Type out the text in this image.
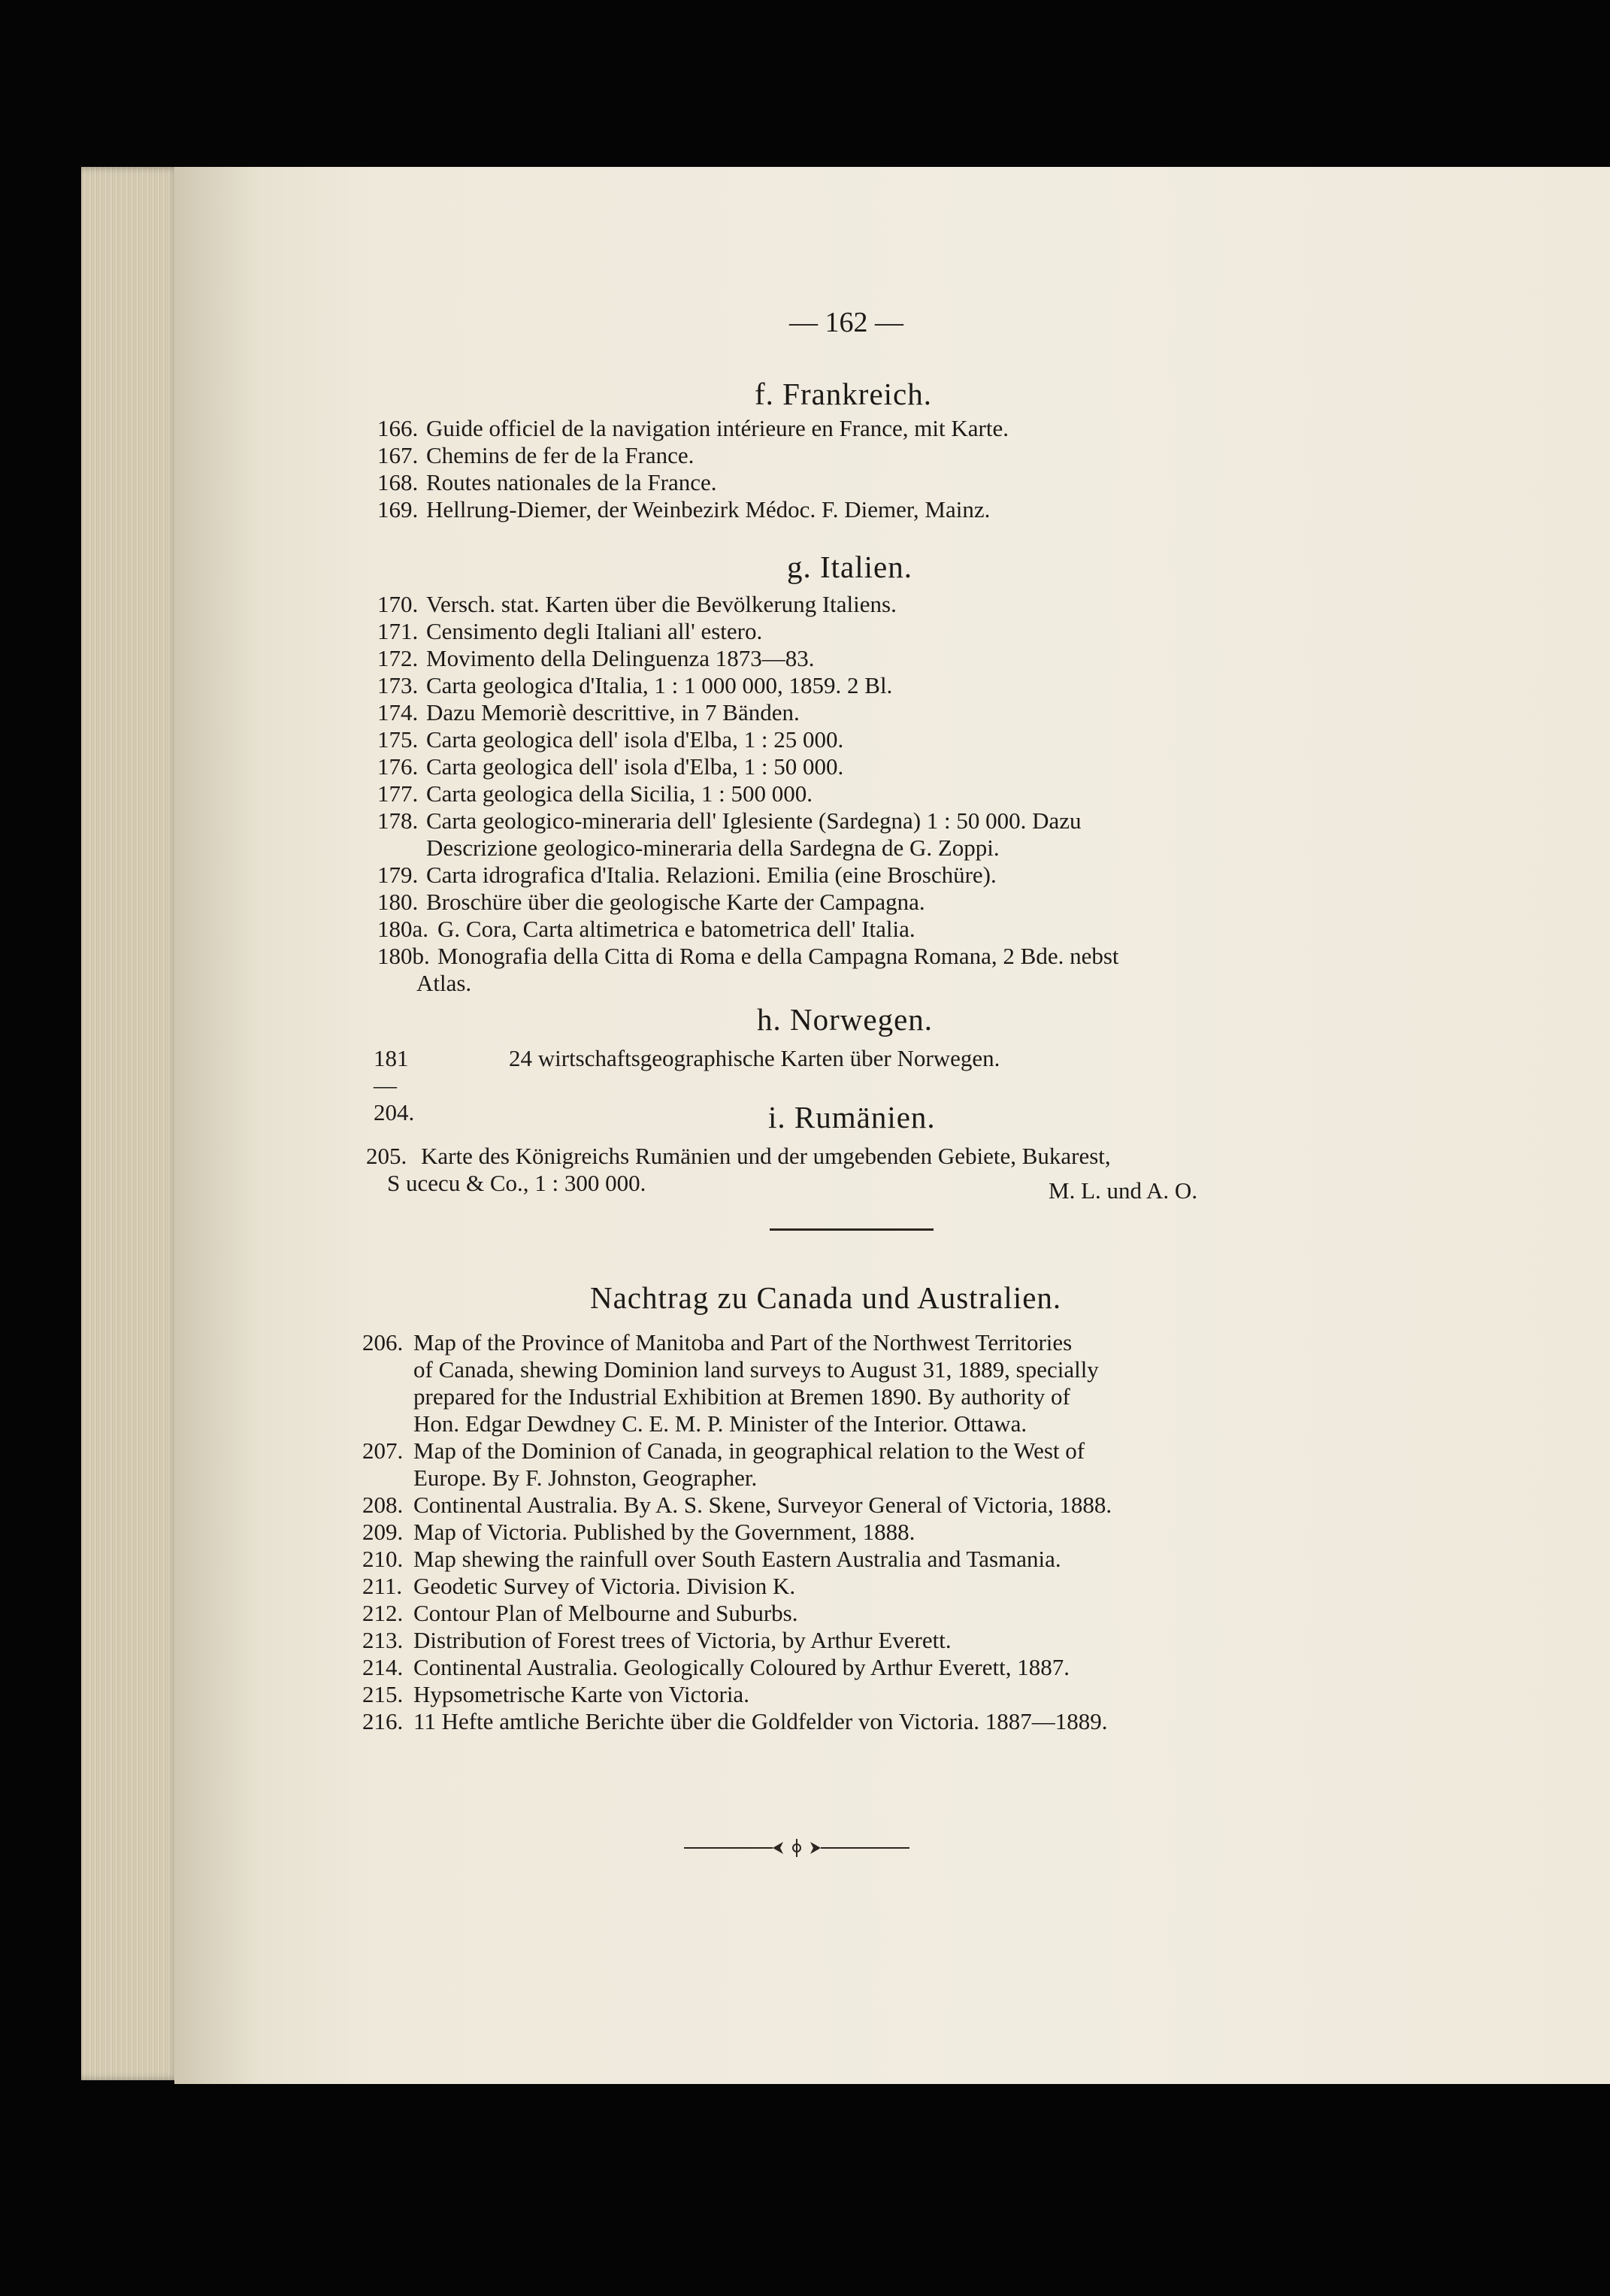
— 162 —
f. Frankreich.
166. Guide officiel de la navigation intérieure en France, mit Karte.
167. Chemins de fer de la France.
168. Routes nationales de la France.
169. Hellrung-Diemer, der Weinbezirk Médoc. F. Diemer, Mainz.
g. Italien.
170. Versch. stat. Karten über die Bevölkerung Italiens.
171. Censimento degli Italiani all' estero.
172. Movimento della Delinguenza 1873—83.
173. Carta geologica d'Italia, 1 : 1 000 000, 1859. 2 Bl.
174. Dazu Memoriè descrittive, in 7 Bänden.
175. Carta geologica dell' isola d'Elba, 1 : 25 000.
176. Carta geologica dell' isola d'Elba, 1 : 50 000.
177. Carta geologica della Sicilia, 1 : 500 000.
178. Carta geologico-mineraria dell' Iglesiente (Sardegna) 1 : 50 000. Dazu
Descrizione geologico-mineraria della Sardegna de G. Zoppi.
179. Carta idrografica d'Italia. Relazioni. Emilia (eine Broschüre).
180. Broschüre über die geologische Karte der Campagna.
180a. G. Cora, Carta altimetrica e batometrica dell' Italia.
180b. Monografia della Citta di Roma e della Campagna Romana, 2 Bde. nebst
Atlas.
h. Norwegen.
181—204.
24 wirtschaftsgeographische Karten über Norwegen.
i. Rumänien.
205. Karte des Königreichs Rumänien und der umgebenden Gebiete, Bukarest,
S ucecu & Co., 1 : 300 000.	M. L. und A. O.
Nachtrag zu Canada und Australien.
206. Map of the Province of Manitoba and Part of the Northwest Territories
of Canada, shewing Dominion land surveys to August 31, 1889, specially
prepared for the Industrial Exhibition at Bremen 1890. By authority of
Hon. Edgar Dewdney C. E. M. P. Minister of the Interior. Ottawa.
207. Map of the Dominion of Canada, in geographical relation to the West of
Europe. By F. Johnston, Geographer.
208. Continental Australia. By A. S. Skene, Surveyor General of Victoria, 1888.
209. Map of Victoria. Published by the Government, 1888.
210. Map shewing the rainfull over South Eastern Australia and Tasmania.
211. Geodetic Survey of Victoria. Division K.
212. Contour Plan of Melbourne and Suburbs.
213. Distribution of Forest trees of Victoria, by Arthur Everett.
214. Continental Australia. Geologically Coloured by Arthur Everett, 1887.
215. Hypsometrische Karte von Victoria.
216. 11 Hefte amtliche Berichte über die Goldfelder von Victoria. 1887—1889.
